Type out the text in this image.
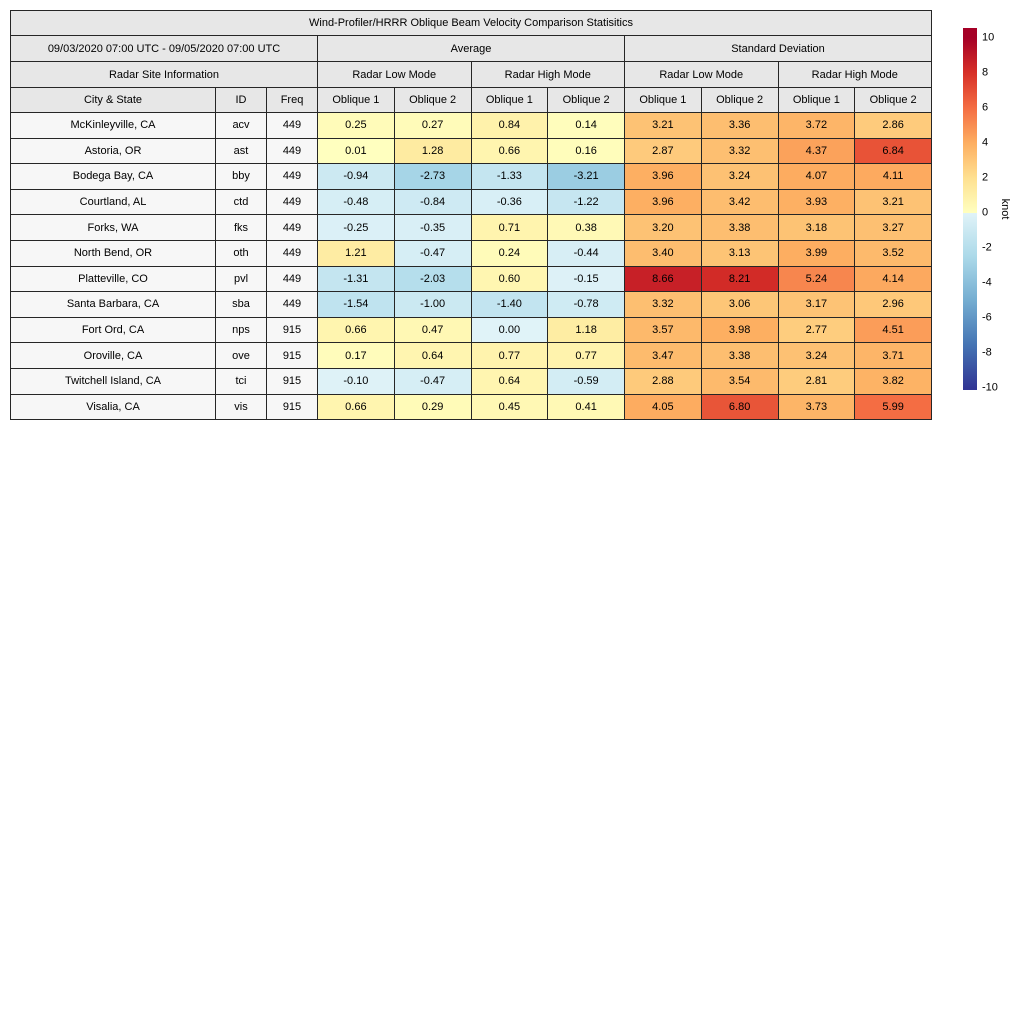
Wind-Profiler/HRRR Oblique Beam Velocity Comparison Statisitics										
09/03/2020 07:00 UTC - 09/05/2020 07:00 UTC			Average				Standard Deviation			
Radar Site Information			Radar Low Mode		Radar High Mode		Radar Low Mode		Radar High Mode	
City & State	ID	Freq	Oblique 1	Oblique 2	Oblique 1	Oblique 2	Oblique 1	Oblique 2	Oblique 1	Oblique 2
McKinleyville, CA	acv	449	0.25	0.27	0.84	0.14	3.21	3.36	3.72	2.86
Astoria, OR	ast	449	0.01	1.28	0.66	0.16	2.87	3.32	4.37	6.84
Bodega Bay, CA	bby	449	-0.94	-2.73	-1.33	-3.21	3.96	3.24	4.07	4.11
Courtland, AL	ctd	449	-0.48	-0.84	-0.36	-1.22	3.96	3.42	3.93	3.21
Forks, WA	fks	449	-0.25	-0.35	0.71	0.38	3.20	3.38	3.18	3.27
North Bend, OR	oth	449	1.21	-0.47	0.24	-0.44	3.40	3.13	3.99	3.52
Platteville, CO	pvl	449	-1.31	-2.03	0.60	-0.15	8.66	8.21	5.24	4.14
Santa Barbara, CA	sba	449	-1.54	-1.00	-1.40	-0.78	3.32	3.06	3.17	2.96
Fort Ord, CA	nps	915	0.66	0.47	0.00	1.18	3.57	3.98	2.77	4.51
Oroville, CA	ove	915	0.17	0.64	0.77	0.77	3.47	3.38	3.24	3.71
Twitchell Island, CA	tci	915	-0.10	-0.47	0.64	-0.59	2.88	3.54	2.81	3.82
Visalia, CA	vis	915	0.66	0.29	0.45	0.41	4.05	6.80	3.73	5.99
10
8
6
4
2
0
-2
-4
-6
-8
-10
knot
